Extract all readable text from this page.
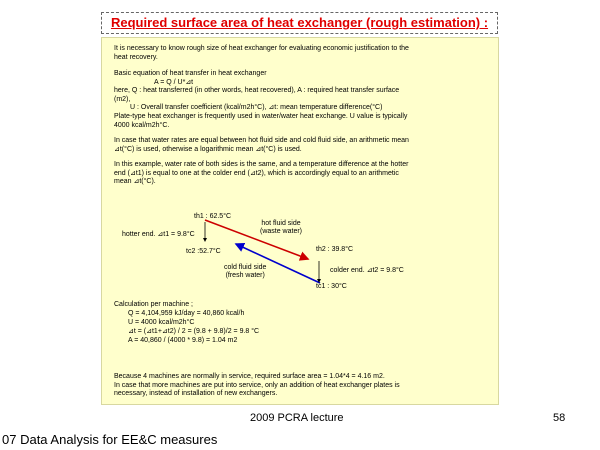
Required surface area of heat exchanger (rough estimation) :
It is necessary to know rough size of heat exchanger for evaluating economic justification to the
heat recovery.
Basic equation of heat transfer in heat exchanger
A = Q / U*⊿t
here, Q : heat transferred (in other words, heat recovered), A : required heat transfer surface
(m2),
U : Overall transfer coefficient (kcal/m2h°C), ⊿t: mean temperature difference(°C)
Plate-type heat exchanger is frequently used in water/water heat exchange. U value is typically
4000 kcal/m2h°C.
In case that water rates are equal between hot fluid side and cold fluid side, an arithmetic mean
⊿t(°C) is used, otherwise a logarithmic mean ⊿t(°C) is used.
In this example, water rate of both sides is the same, and a temperature difference at the hotter
end (⊿t1) is equal to one at the colder end (⊿t2), which is accordingly equal to an arithmetic
mean ⊿t(°C).
th1 : 62.5°C
hot fluid side
(waste water)
hotter end. ⊿t1 = 9.8°C
tc2 :52.7°C	th2 : 39.8°C
cold fluid side
(fresh water)
colder end. ⊿t2 = 9.8°C
tc1 : 30°C
Calculation per machine ;
Q = 4,104,959 kJ/day = 40,860 kcal/h
U = 4000 kcal/m2h°C
⊿t = (⊿t1+⊿t2) / 2 = (9.8 + 9.8)/2 = 9.8 °C
A = 40,860 / (4000 * 9.8) = 1.04 m2
Because 4 machines are normally in service, required surface area = 1.04*4 = 4.16 m2.
In case that more machines are put into service, only an addition of heat exchanger plates is
necessary, instead of installation of new exchangers.
2009 PCRA lecture	58
07 Data Analysis for EE&C measures
